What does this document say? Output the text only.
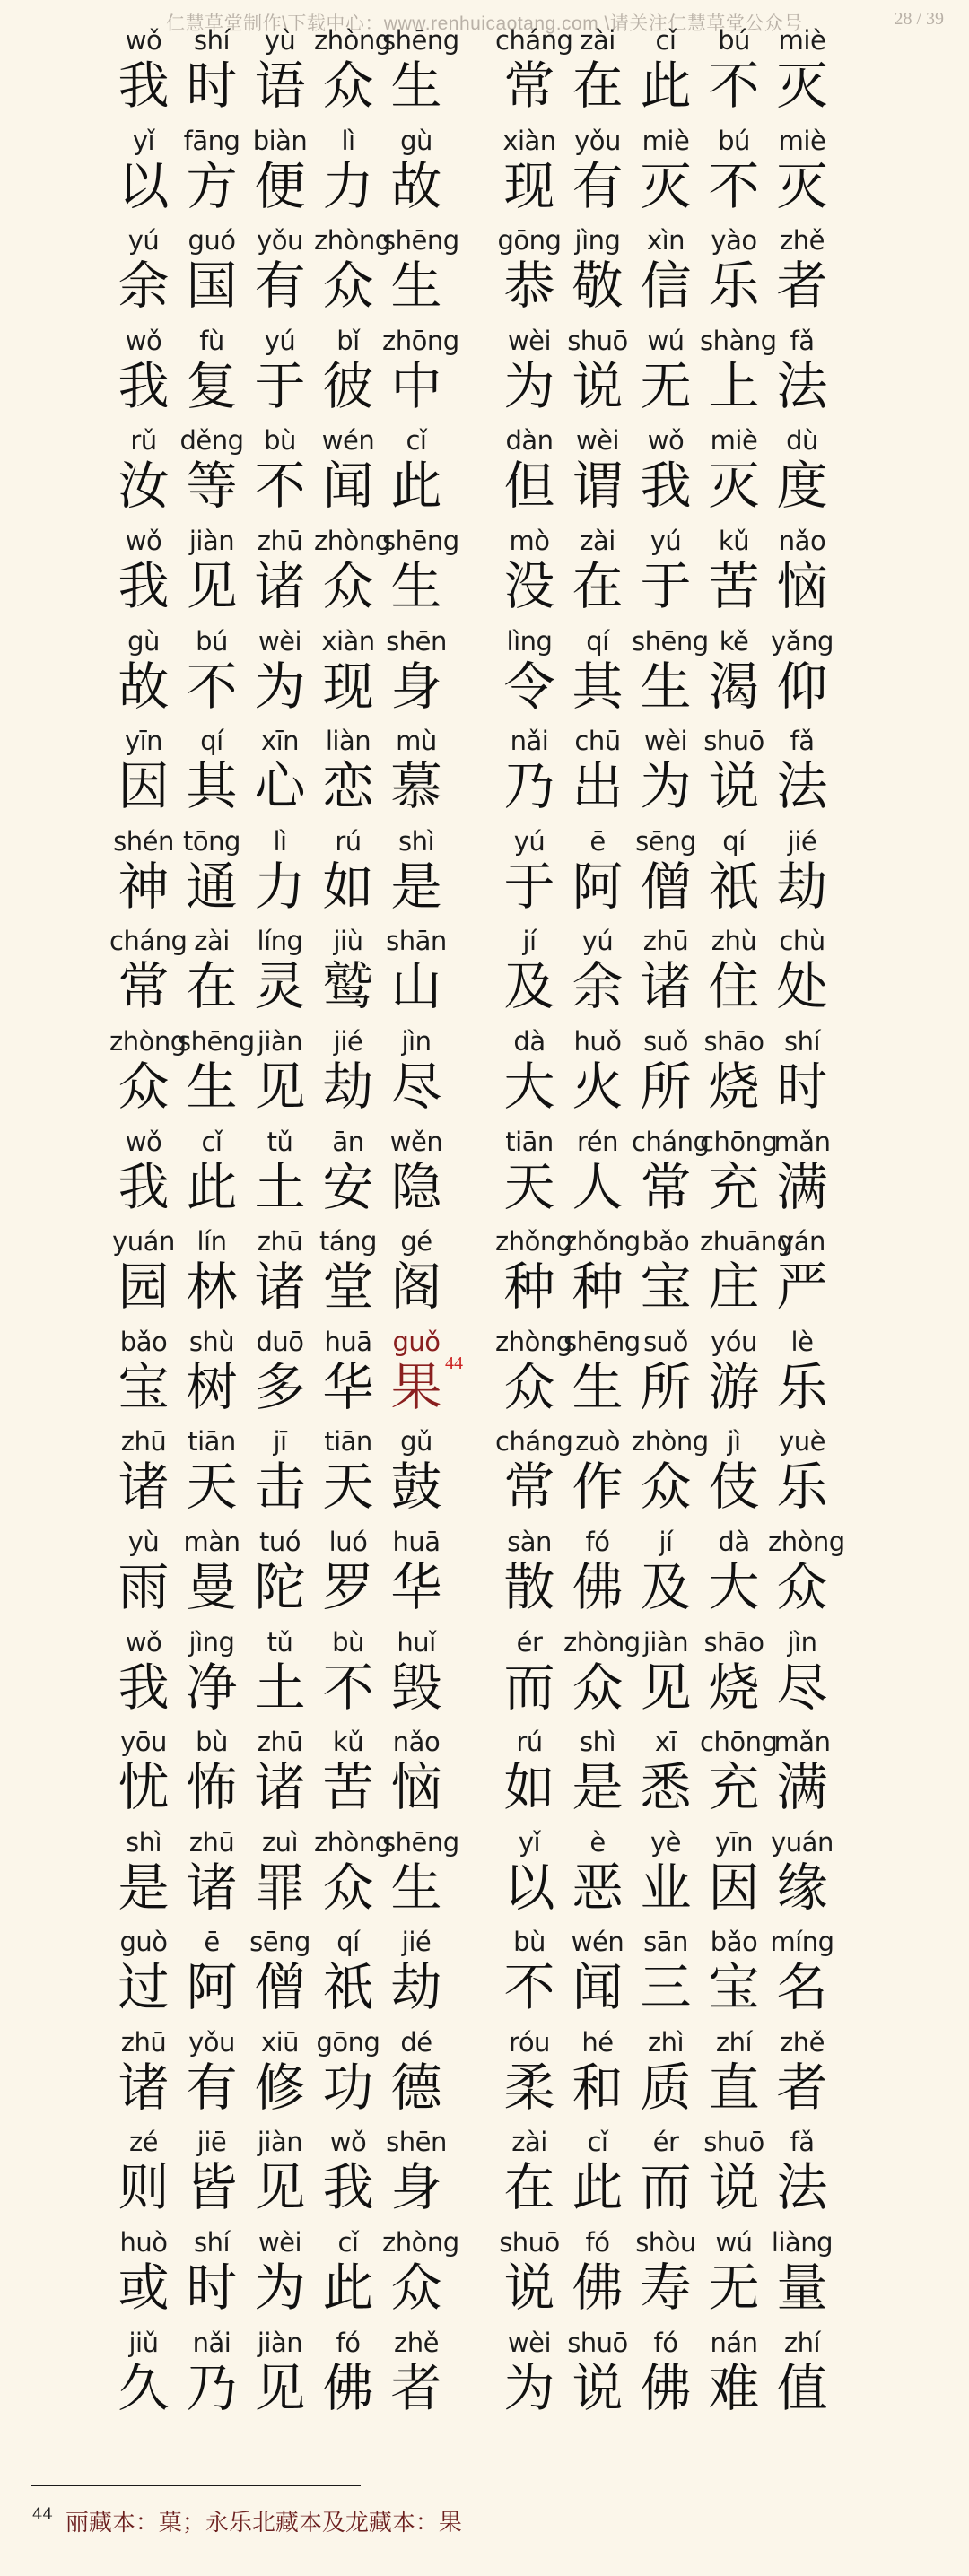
仁慧草堂制作\下载中心：www.renhuicaotang.com \请关注仁慧草堂公众号	28 / 39
wǒ
我
shí
时
yù
语
zhòng
众
shēng
生
cháng
常
zài
在
cǐ
此
bú
不
miè
灭
yǐ
以
fāng
方
biàn
便
lì
力
gù
故
xiàn
现
yǒu
有
miè
灭
bú
不
miè
灭
yú
余
guó
国
yǒu
有
zhòng
众
shēng
生
gōng
恭
jìng
敬
xìn
信
yào
乐
zhě
者
wǒ
我
fù
复
yú
于
bǐ
彼
zhōng
中
wèi
为
shuō
说
wú
无
shàng
上
fǎ
法
rǔ
汝
děng
等
bù
不
wén
闻
cǐ
此
dàn
但
wèi
谓
wǒ
我
miè
灭
dù
度
wǒ
我
jiàn
见
zhū
诸
zhòng
众
shēng
生
mò
没
zài
在
yú
于
kǔ
苦
nǎo
恼
gù
故
bú
不
wèi
为
xiàn
现
shēn
身
lìng
令
qí
其
shēng
生
kě
渴
yǎng
仰
yīn
因
qí
其
xīn
心
liàn
恋
mù
慕
nǎi
乃
chū
出
wèi
为
shuō
说
fǎ
法
shén
神
tōng
通
lì
力
rú
如
shì
是
yú
于
ē
阿
sēng
僧
qí
祇
jié
劫
cháng
常
zài
在
líng
灵
jiù
鹫
shān
山
jí
及
yú
余
zhū
诸
zhù
住
chù
处
zhòng
众
shēng
生
jiàn
见
jié
劫
jìn
尽
dà
大
huǒ
火
suǒ
所
shāo
烧
shí
时
wǒ
我
cǐ
此
tǔ
土
ān
安
wěn
隐
tiān
天
rén
人
cháng
常
chōng
充
mǎn
满
yuán
园
lín
林
zhū
诸
táng
堂
gé
阁
zhǒng
种
zhǒng
种
bǎo
宝
zhuāng
庄
yán
严
bǎo
宝
shù
树
duō
多
huā
华
guǒ
果 44
zhòng
众
shēng
生
suǒ
所
yóu
游
lè
乐
zhū
诸
tiān
天
jī
击
tiān
天
gǔ
鼓
cháng
常
zuò
作
zhòng
众
jì
伎
yuè
乐
yù
雨
màn
曼
tuó
陀
luó
罗
huā
华
sàn
散
fó
佛
jí
及
dà
大
zhòng
众
wǒ
我
jìng
净
tǔ
土
bù
不
huǐ
毁
ér
而
zhòng
众
jiàn
见
shāo
烧
jìn
尽
yōu
忧
bù
怖
zhū
诸
kǔ
苦
nǎo
恼
rú
如
shì
是
xī
悉
chōng
充
mǎn
满
shì
是
zhū
诸
zuì
罪
zhòng
众
shēng
生
yǐ
以
è
恶
yè
业
yīn
因
yuán
缘
guò
过
ē
阿
sēng
僧
qí
祇
jié
劫
bù
不
wén
闻
sān
三
bǎo
宝
míng
名
zhū
诸
yǒu
有
xiū
修
gōng
功
dé
德
róu
柔
hé
和
zhì
质
zhí
直
zhě
者
zé
则
jiē
皆
jiàn
见
wǒ
我
shēn
身
zài
在
cǐ
此
ér
而
shuō
说
fǎ
法
huò
或
shí
时
wèi
为
cǐ
此
zhòng
众
shuō
说
fó
佛
shòu
寿
wú
无
liàng
量
jiǔ
久
nǎi
乃
jiàn
见
fó
佛
zhě
者
wèi
为
shuō
说
fó
佛
nán
难
zhí
值
$^{44}$ 丽藏本：菓；永乐北藏本及龙藏本：果
